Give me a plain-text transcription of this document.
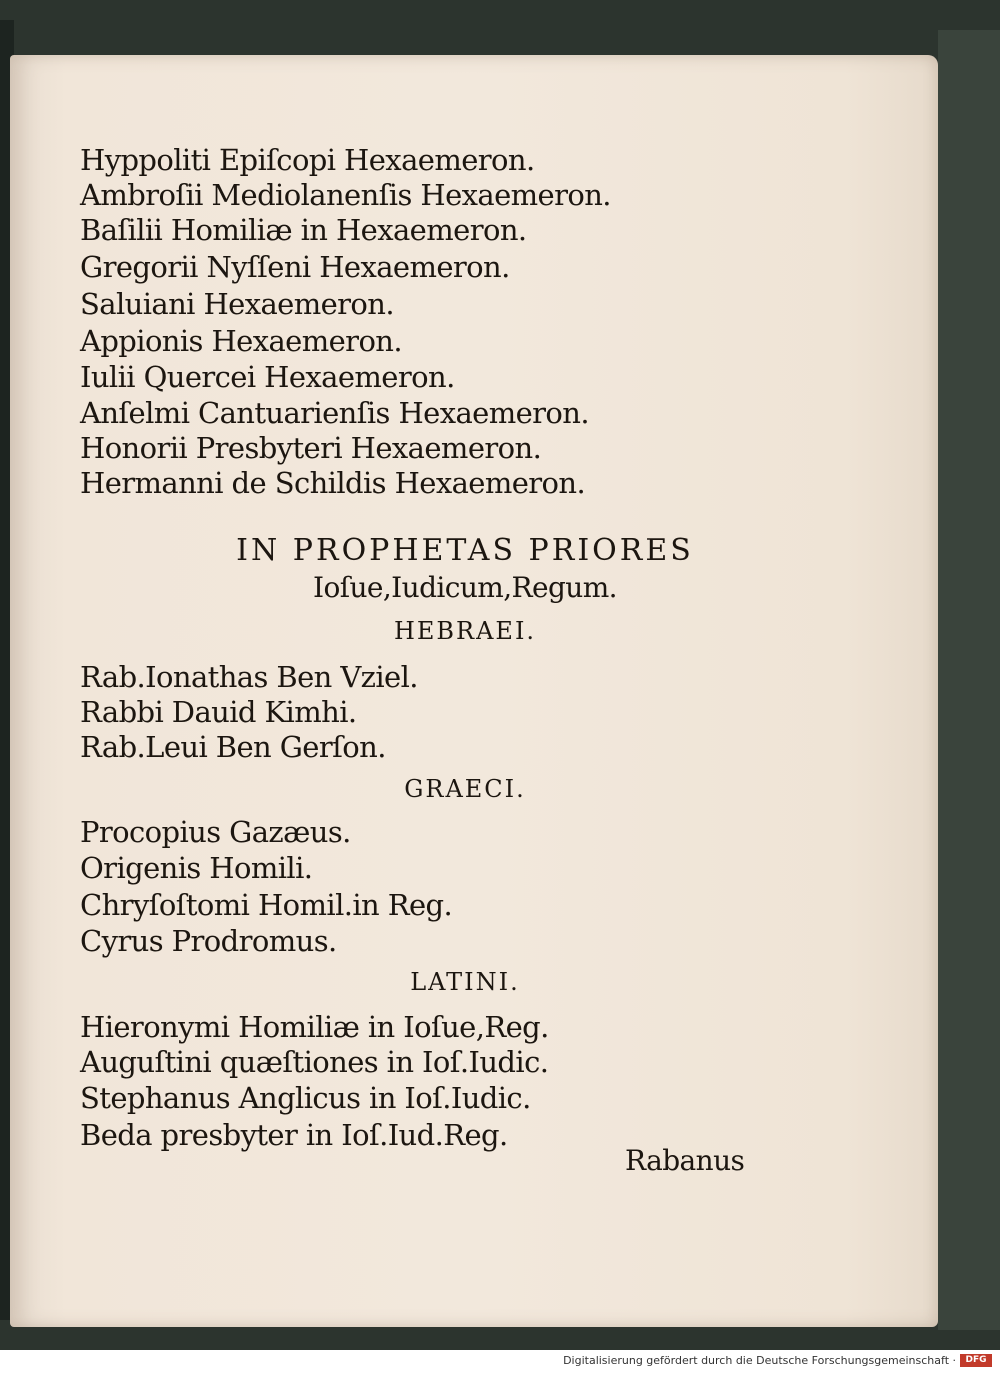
Hyppoliti Epiſcopi Hexaemeron.
Ambroſii Mediolanenſis Hexaemeron.
Baſilii Homiliæ in Hexaemeron.
Gregorii Nyſſeni Hexaemeron.
Saluiani Hexaemeron.
Appionis Hexaemeron.
Iulii Quercei Hexaemeron.
Anſelmi Cantuarienſis Hexaemeron.
Honorii Presbyteri Hexaemeron.
Hermanni de Schildis Hexaemeron.
IN PROPHETAS PRIORES
Ioſue,Iudicum,Regum.
HEBRAEI.
Rab.Ionathas Ben Vziel.
Rabbi Dauid Kimhi.
Rab.Leui Ben Gerſon.
GRAECI.
Procopius Gazæus.
Origenis Homili.
Chryſoſtomi Homil.in Reg.
Cyrus Prodromus.
LATINI.
Hieronymi Homiliæ in Ioſue,Reg.
Auguſtini quæſtiones in Ioſ.Iudic.
Stephanus Anglicus in Ioſ.Iudic.
Beda presbyter in Ioſ.Iud.Reg.
Rabanus
Digitalisierung gefördert durch die Deutsche Forschungsgemeinschaft ·	DFG
